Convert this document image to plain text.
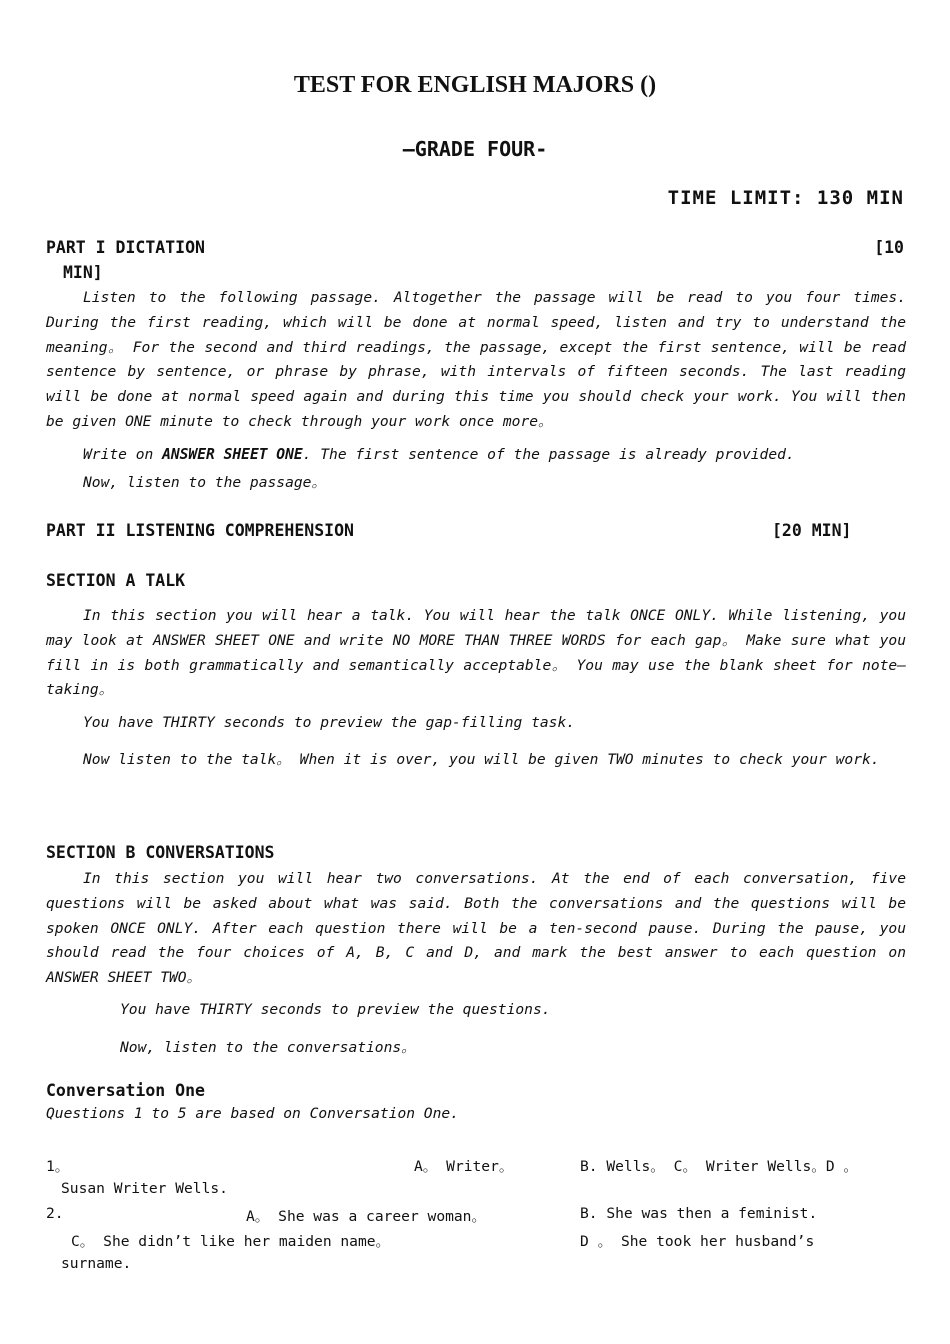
TEST FOR ENGLISH MAJORS ()
—GRADE FOUR-
TIME LIMIT: 130 MIN
PART I DICTATION	[10
MIN]
Listen to the following passage. Altogether the passage will be read to you four times. During the first reading, which will be done at normal speed, listen and try to understand the meaning。 For the second and third readings, the passage, except the first sentence, will be read sentence by sentence, or phrase by phrase, with intervals of fifteen seconds. The last reading will be done at normal speed again and during this time you should check your work. You will then be given ONE minute to check through your work once more。
Write on ANSWER SHEET ONE. The first sentence of the passage is already provided.
Now, listen to the passage。
PART II LISTENING COMPREHENSION	[20 MIN]
SECTION A TALK
In this section you will hear a talk. You will hear the talk ONCE ONLY. While listening, you may look at ANSWER SHEET ONE and write NO MORE THAN THREE WORDS for each gap。 Make sure what you fill in is both grammatically and semantically acceptable。 You may use the blank sheet for note—taking。
You have THIRTY seconds to preview the gap-filling task.
Now listen to the talk。 When it is over, you will be given TWO minutes to check your work.
SECTION B CONVERSATIONS
In this section you will hear two conversations. At the end of each conversation, five questions will be asked about what was said. Both the conversations and the questions will be spoken ONCE ONLY. After each question there will be a ten-second pause. During the pause, you should read the four choices of A, B, C and D, and mark the best answer to each question on ANSWER SHEET TWO。
You have THIRTY seconds to preview the questions.
Now, listen to the conversations。
Conversation One
Questions 1 to 5 are based on Conversation One.
1。	A。 Writer。	B. Wells。 C。 Writer Wells。D 。
Susan Writer Wells.
2.	A。 She was a career woman。	B. She was then a feminist.
C。 She didn’t like her maiden name。	D 。 She took her husband’s
surname.
